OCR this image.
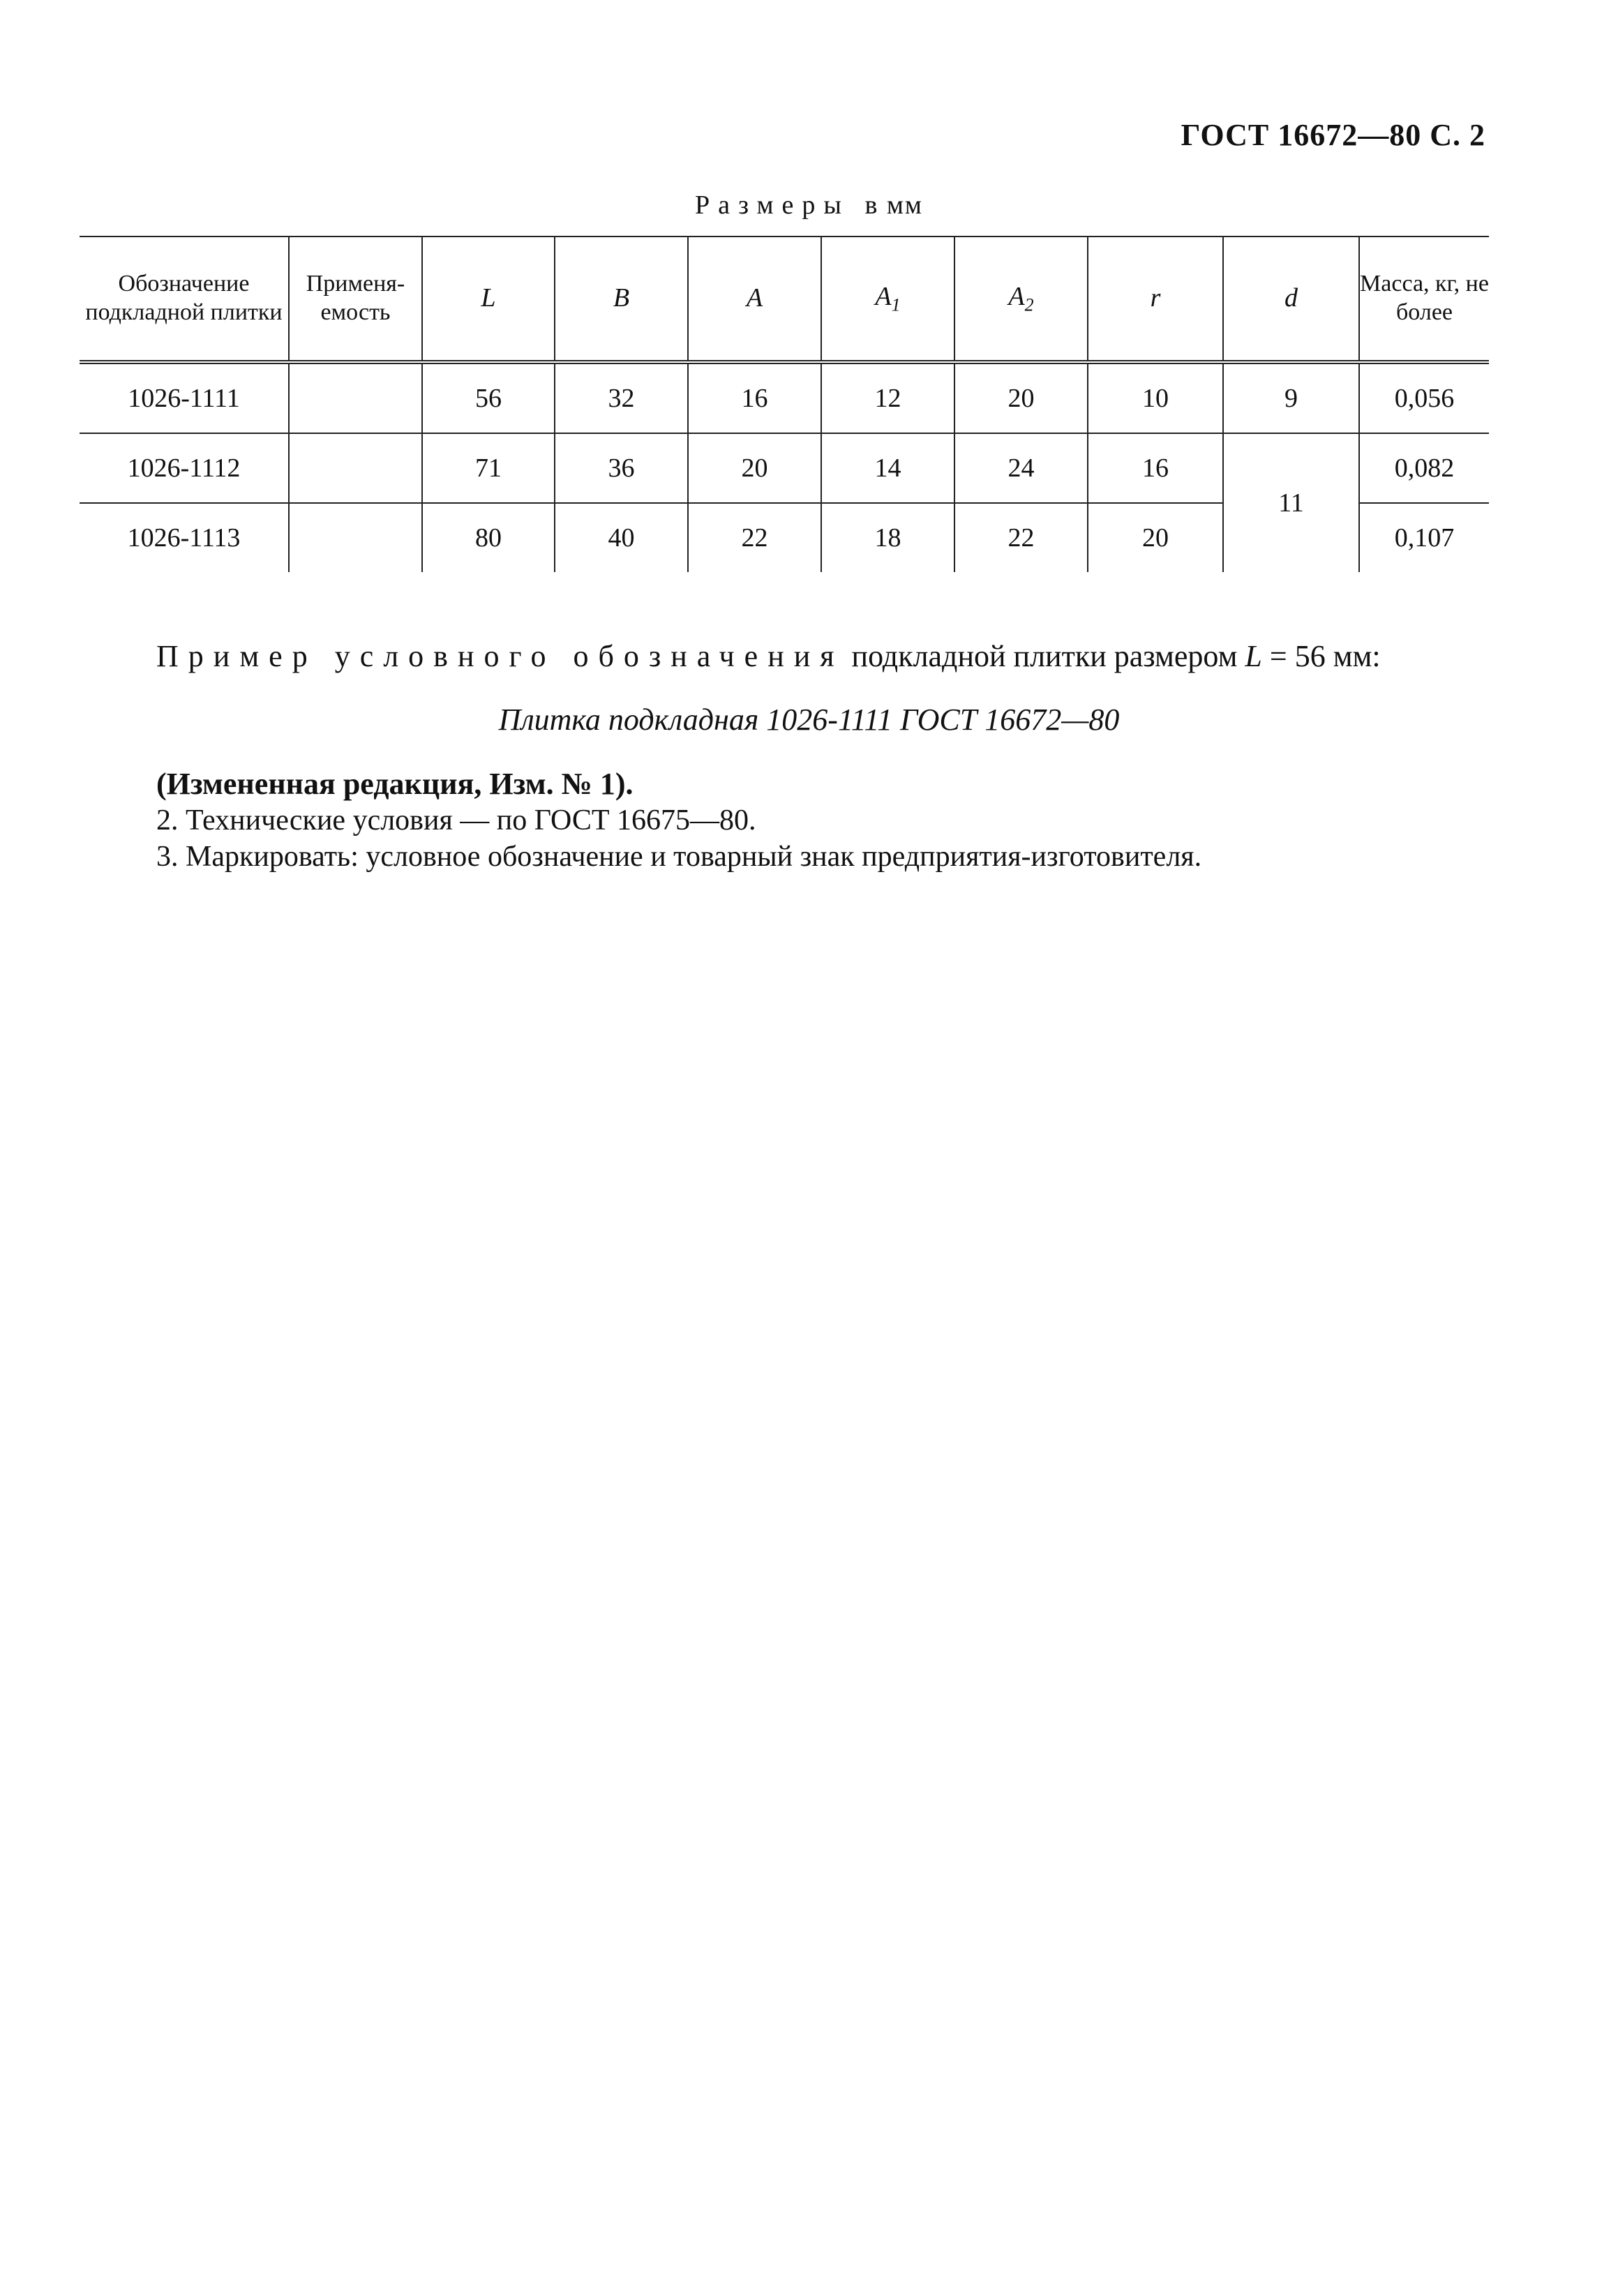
ГОСТ 16672—80 С. 2
Размеры в мм
Обозначение подкладной плитки	Применя- емость	L	B	A	$A_1$	$A_2$	r	d	Масса, кг, не более
1026-1111		56	32	16	12	20	10	9	0,056
1026-1112		71	36	20	14	24	16	11	0,082
1026-1113		80	40	22	18	22	20		0,107
Пример условного обозначения подкладной плитки размером L = 56 мм:
Плитка подкладная 1026-1111 ГОСТ 16672—80
(Измененная редакция, Изм. № 1).
2. Технические условия — по ГОСТ 16675—80.
3. Маркировать: условное обозначение и товарный знак предприятия-изготовителя.
